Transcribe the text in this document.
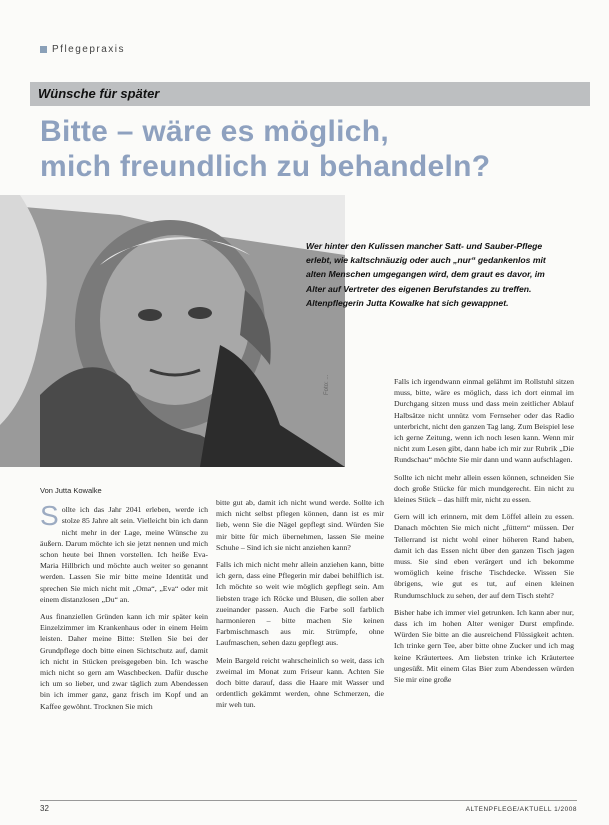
Pflegepraxis
Wünsche für später
Bitte – wäre es möglich,
mich freundlich zu behandeln?
Foto: ...
Wer hinter den Kulissen mancher Satt- und Sauber-Pflege erlebt, wie kaltschnäuzig oder auch „nur“ gedankenlos mit alten Menschen umgegangen wird, dem graut es davor, im Alter auf Vertreter des eigenen Berufstandes zu treffen. Altenpflegerin Jutta Kowalke hat sich gewappnet.
Von Jutta Kowalke

Sollte ich das Jahr 2041 erleben, werde ich stolze 85 Jahre alt sein. Vielleicht bin ich dann nicht mehr in der Lage, meine Wünsche zu äußern. Darum möchte ich sie jetzt nennen und mich schon heute bei Ihnen vorstellen. Ich heiße Eva-Maria Hillbrich und möchte auch weiter so genannt werden. Lassen Sie mir bitte meine Identität und sprechen Sie mich nicht mit „Oma“, „Eva“ oder mit einem distanzlosen „Du“ an.

Aus finanziellen Gründen kann ich mir später kein Einzelzimmer im Krankenhaus oder in einem Heim leisten. Daher meine Bitte: Stellen Sie bei der Grundpflege doch bitte einen Sichtschutz auf, damit ich nicht in Stücken preisgegeben bin. Ich wasche mich nicht so gern am Waschbecken. Dafür dusche ich um so lieber, und zwar täglich zum Abendessen bin ich immer ganz, ganz frisch im Kopf und an Kaffee gewöhnt. Trocknen Sie mich

bitte gut ab, damit ich nicht wund werde. Sollte ich mich nicht selbst pflegen können, dann ist es mir lieb, wenn Sie die Nägel gepflegt sind. Würden Sie mir bitte für mich übernehmen, lassen Sie meine Schuhe – Sind ich sie nicht anziehen kann?

Falls ich mich nicht mehr allein anziehen kann, bitte ich gern, dass eine Pflegerin mir dabei behilflich ist. Ich möchte so weit wie möglich gepflegt sein. Am liebsten trage ich Röcke und Blusen, die sollen aber zueinander passen. Auch die Farbe soll farblich harmonieren – bitte machen Sie keinen Farbmischmasch aus mir. Strümpfe, ohne Laufmaschen, sehen dazu gepflegt aus.

Mein Bargeld reicht wahrscheinlich so weit, dass ich zweimal im Monat zum Friseur kann. Achten Sie doch bitte darauf, dass die Haare mit Wasser und ordentlich gekämmt werden, ohne Schmerzen, die mir weh tun.

Falls ich irgendwann einmal gelähmt im Rollstuhl sitzen muss, bitte, wäre es möglich, dass ich dort einmal im Durchgang sitzen muss und dass mein zeitlicher Ablauf Halbsätze nicht unnütz vom Fernseher oder das Radio unterbricht, nicht den ganzen Tag lang. Zum Beispiel lese ich gerne Zeitung, wenn ich noch lesen kann. Wenn mir nicht zum Lesen gibt, dann habe ich mir zur Rubrik „Die Rundschau“ möchte Sie mir dann und wann aufschlagen.

Sollte ich nicht mehr allein essen können, schneiden Sie doch große Stücke für mich mundgerecht. Ein nicht zu kleines Stück – das hilft mir, nicht zu essen.

Gern will ich erinnern, mit dem Löffel allein zu essen. Danach möchten Sie mich nicht „füttern“ müssen. Der Tellerrand ist nicht wohl einer höheren Rand haben, damit ich das Essen nicht über den ganzen Tisch jagen muss. Sie sind eben verärgert und ich bekomme womöglich keine frische Tischdecke. Wissen Sie übrigens, wie gut es tut, auf einen kleinen Rundumschluck zu sehen, der auf dem Tisch steht?

Bisher habe ich immer viel getrunken. Ich kann aber nur, dass ich im hohen Alter weniger Durst empfinde. Würden Sie bitte an die ausreichend Flüssigkeit achten. Ich trinke gern Tee, aber bitte ohne Zucker und ich mag keine Kräutertees. Am liebsten trinke ich Kräutertee ungesüßt. Mit einem Glas Bier zum Abendessen würden Sie mir eine große

32	ALTENPFLEGE/AKTUELL 1/2008
